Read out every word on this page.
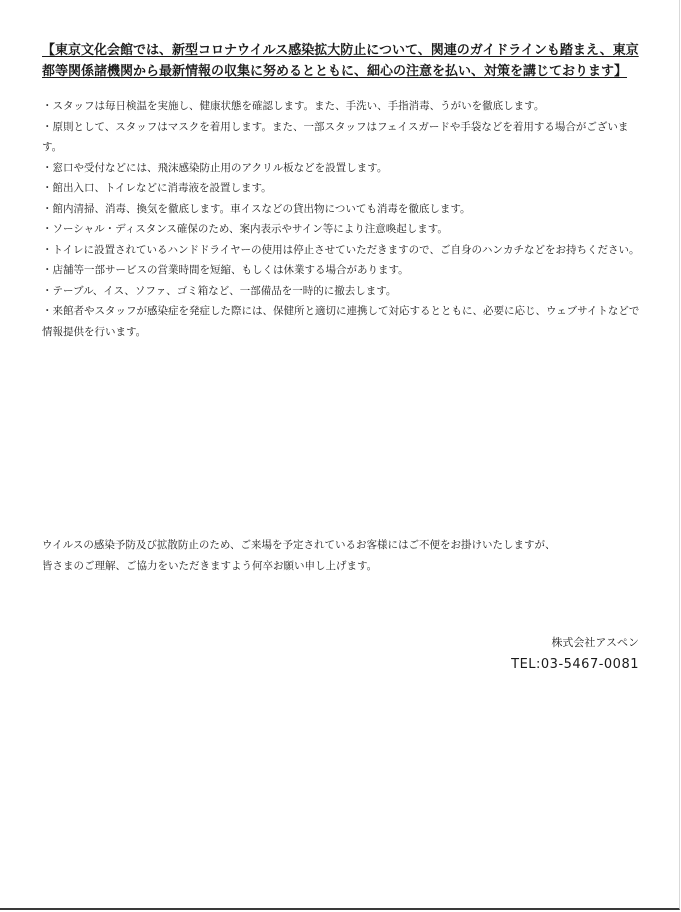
【東京文化会館では、新型コロナウイルス感染拡大防止について、関連のガイドラインも踏まえ、東京都等関係諸機関から最新情報の収集に努めるとともに、細心の注意を払い、対策を講じております】

・スタッフは毎日検温を実施し、健康状態を確認します。また、手洗い、手指消毒、うがいを徹底します。
・原則として、スタッフはマスクを着用します。また、一部スタッフはフェイスガードや手袋などを着用する場合がございます。
・窓口や受付などには、飛沫感染防止用のアクリル板などを設置します。
・館出入口、トイレなどに消毒液を設置します。
・館内清掃、消毒、換気を徹底します。車イスなどの貸出物についても消毒を徹底します。
・ソーシャル・ディスタンス確保のため、案内表示やサイン等により注意喚起します。
・トイレに設置されているハンドドライヤーの使用は停止させていただきますので、ご自身のハンカチなどをお持ちください。
・店舗等一部サービスの営業時間を短縮、もしくは休業する場合があります。
・テーブル、イス、ソファ、ゴミ箱など、一部備品を一時的に撤去します。
・来館者やスタッフが感染症を発症した際には、保健所と適切に連携して対応するとともに、必要に応じ、ウェブサイトなどで情報提供を行います。
ウイルスの感染予防及び拡散防止のため、ご来場を予定されているお客様にはご不便をお掛けいたしますが、
皆さまのご理解、ご協力をいただきますよう何卒お願い申し上げます。
株式会社アスペン
TEL:03-5467-0081
